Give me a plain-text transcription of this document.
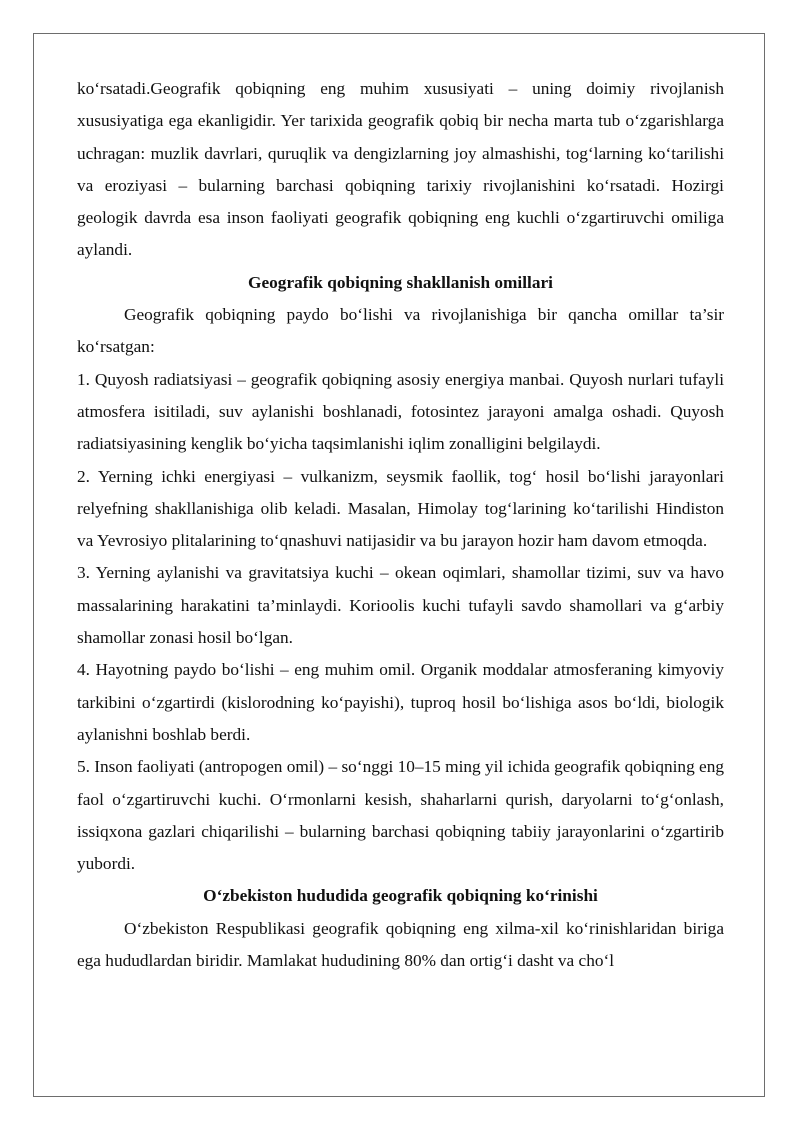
ko‘rsatadi.Geografik qobiqning eng muhim xususiyati – uning doimiy rivojlanish xususiyatiga ega ekanligidir. Yer tarixida geografik qobiq bir necha marta tub o‘zgarishlarga uchragan: muzlik davrlari, quruqlik va dengizlarning joy almashishi, tog‘larning ko‘tarilishi va eroziyasi – bularning barchasi qobiqning tarixiy rivojlanishini ko‘rsatadi. Hozirgi geologik davrda esa inson faoliyati geografik qobiqning eng kuchli o‘zgartiruvchi omiliga aylandi.

Geografik qobiqning shakllanish omillari

Geografik qobiqning paydo bo‘lishi va rivojlanishiga bir qancha omillar ta’sir ko‘rsatgan:

1. Quyosh radiatsiyasi – geografik qobiqning asosiy energiya manbai. Quyosh nurlari tufayli atmosfera isitiladi, suv aylanishi boshlanadi, fotosintez jarayoni amalga oshadi. Quyosh radiatsiyasining kenglik bo‘yicha taqsimlanishi iqlim zonalligini belgilaydi.

2. Yerning ichki energiyasi – vulkanizm, seysmik faollik, tog‘ hosil bo‘lishi jarayonlari relyefning shakllanishiga olib keladi. Masalan, Himolay tog‘larining ko‘tarilishi Hindiston va Yevrosiyo plitalarining to‘qnashuvi natijasidir va bu jarayon hozir ham davom etmoqda.

3. Yerning aylanishi va gravitatsiya kuchi – okean oqimlari, shamollar tizimi, suv va havo massalarining harakatini ta’minlaydi. Korioolis kuchi tufayli savdo shamollari va g‘arbiy shamollar zonasi hosil bo‘lgan.

4. Hayotning paydo bo‘lishi – eng muhim omil. Organik moddalar atmosferaning kimyoviy tarkibini o‘zgartirdi (kislorodning ko‘payishi), tuproq hosil bo‘lishiga asos bo‘ldi, biologik aylanishni boshlab berdi.

5. Inson faoliyati (antropogen omil) – so‘nggi 10–15 ming yil ichida geografik qobiqning eng faol o‘zgartiruvchi kuchi. O‘rmonlarni kesish, shaharlarni qurish, daryolarni to‘g‘onlash, issiqxona gazlari chiqarilishi – bularning barchasi qobiqning tabiiy jarayonlarini o‘zgartirib yubordi.

O‘zbekiston hududida geografik qobiqning ko‘rinishi

O‘zbekiston Respublikasi geografik qobiqning eng xilma-xil ko‘rinishlaridan biriga ega hududlardan biridir. Mamlakat hududining 80% dan ortig‘i dasht va cho‘l
